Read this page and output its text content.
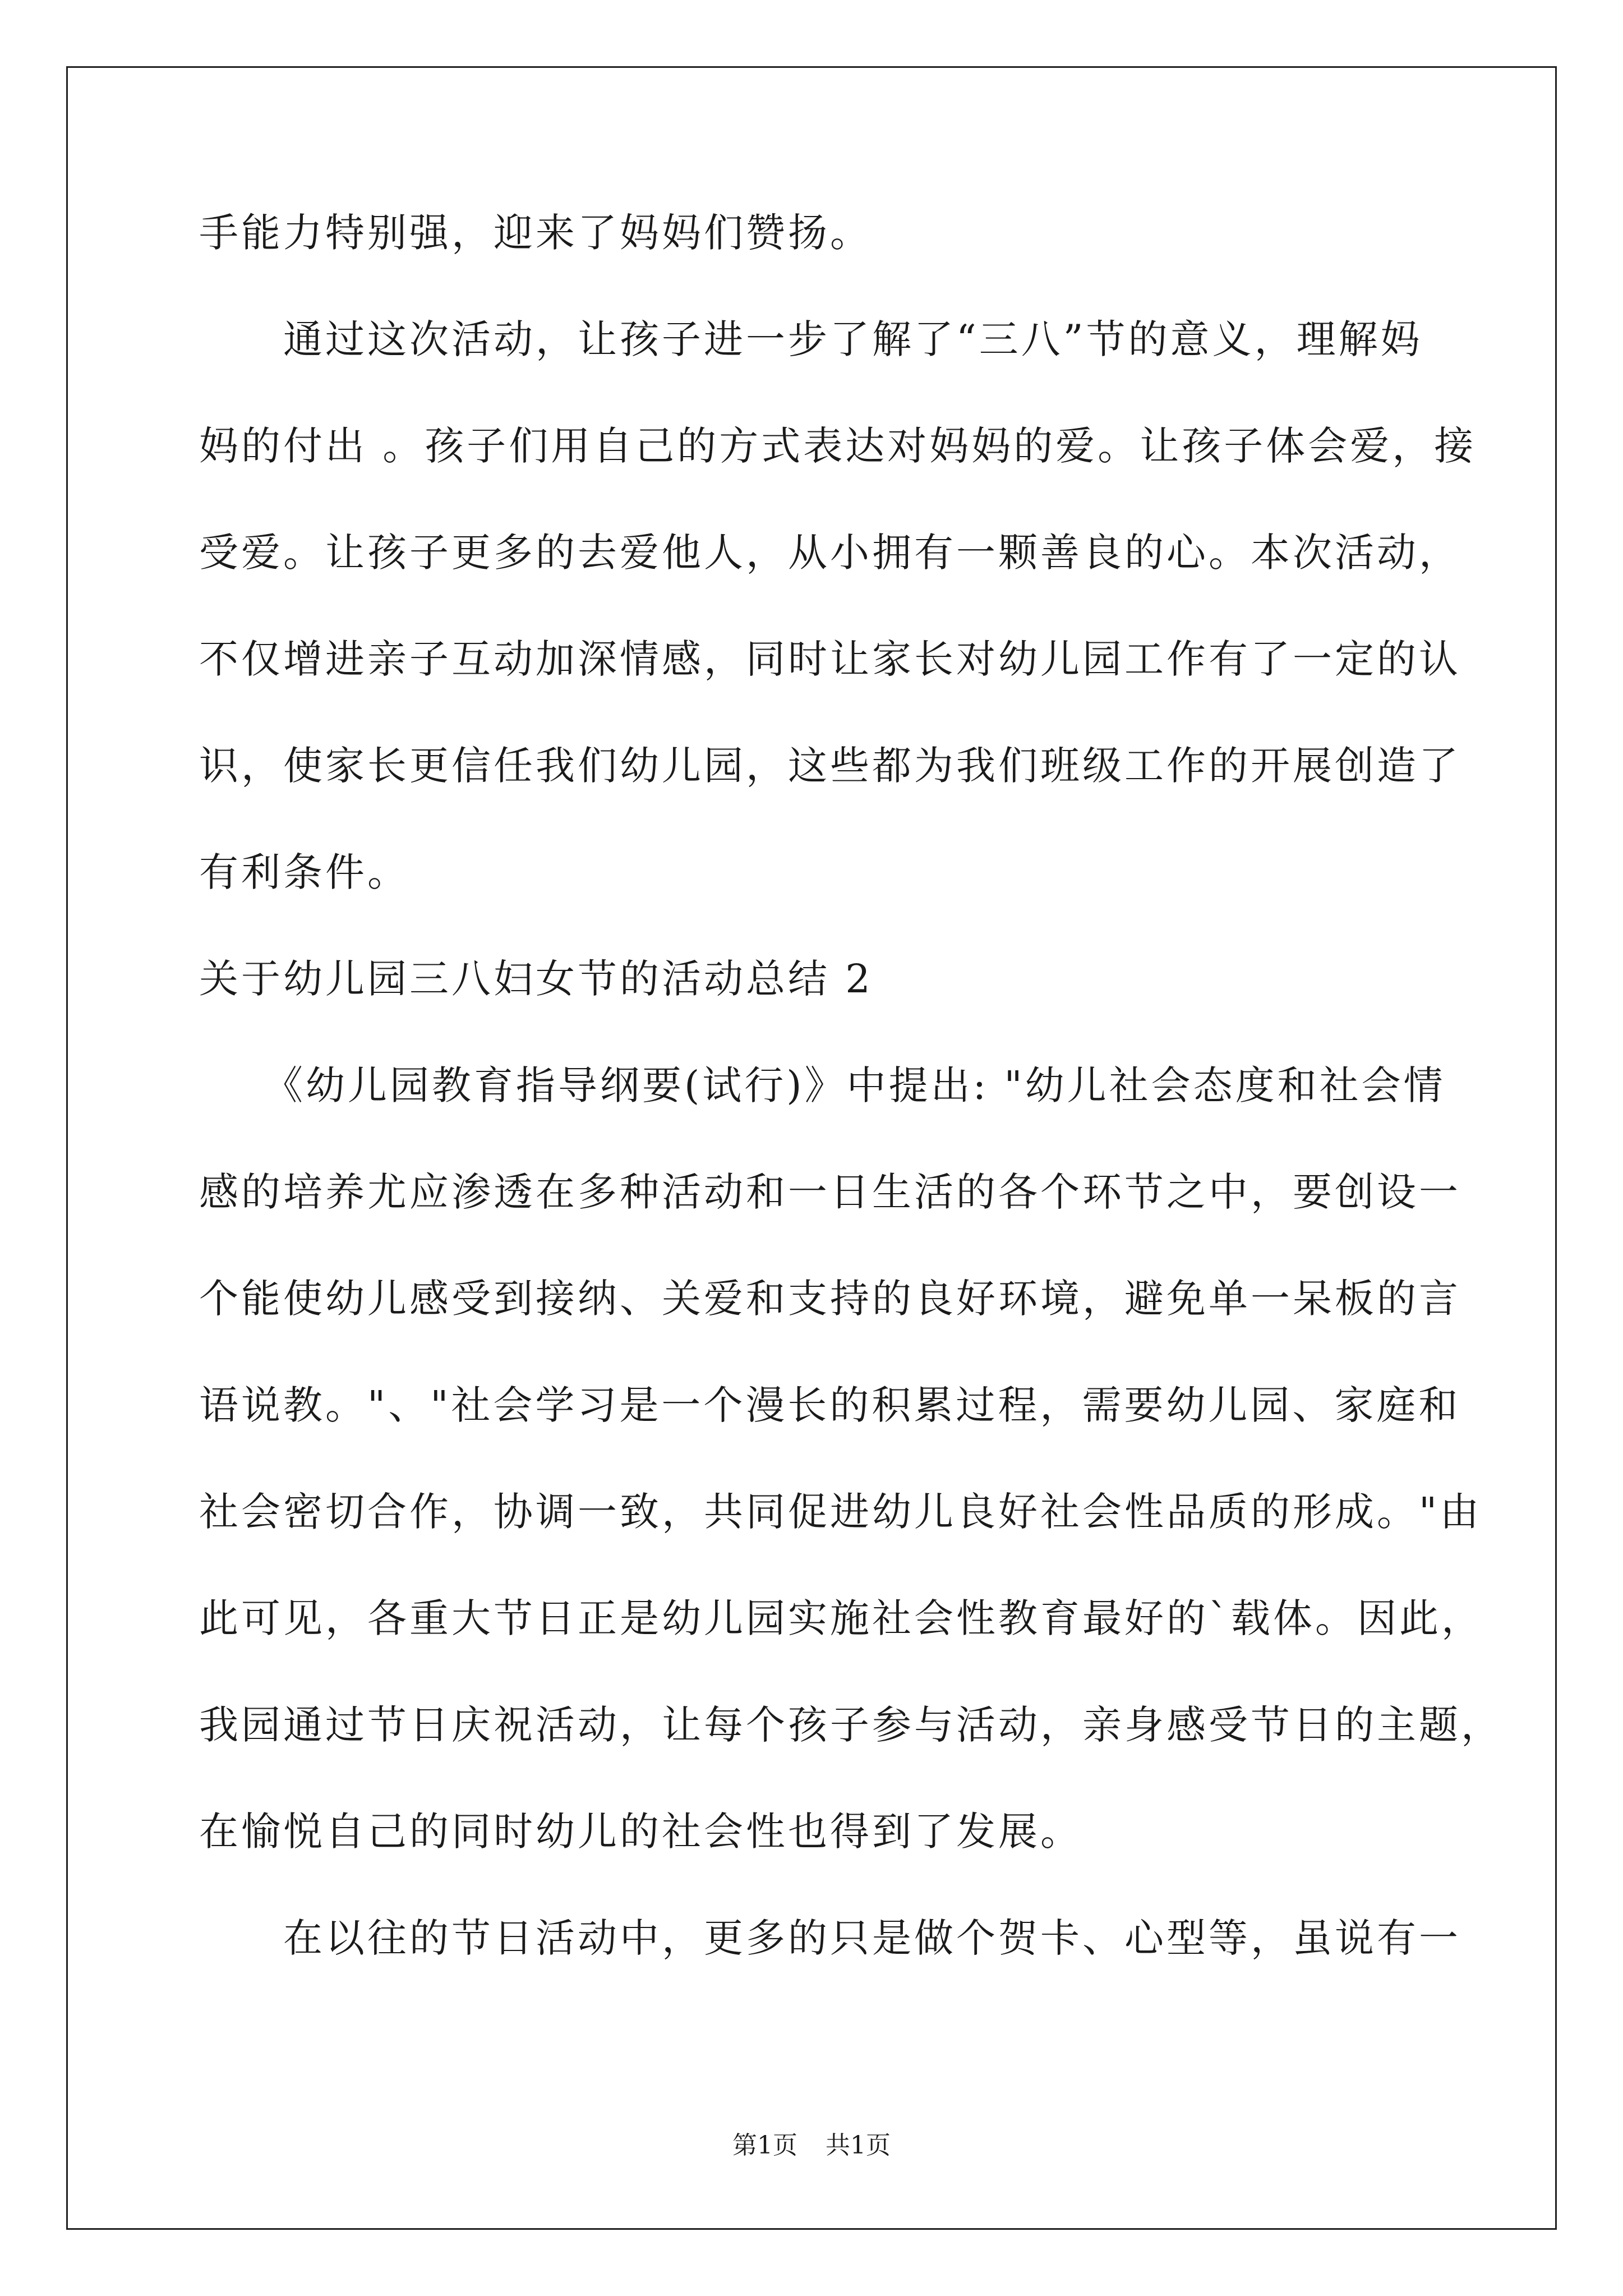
手能力特别强，迎来了妈妈们赞扬。
　　通过这次活动，让孩子进一步了解了“三八”节的意义，理解妈
妈的付出 。孩子们用自己的方式表达对妈妈的爱。让孩子体会爱，接
受爱。让孩子更多的去爱他人，从小拥有一颗善良的心。本次活动，
不仅增进亲子互动加深情感，同时让家长对幼儿园工作有了一定的认
识，使家长更信任我们幼儿园，这些都为我们班级工作的开展创造了
有利条件。
关于幼儿园三八妇女节的活动总结 2
　　《幼儿园教育指导纲要(试行)》中提出: "幼儿社会态度和社会情
感的培养尤应渗透在多种活动和一日生活的各个环节之中，要创设一
个能使幼儿感受到接纳、关爱和支持的良好环境，避免单一呆板的言
语说教。"、"社会学习是一个漫长的积累过程，需要幼儿园、家庭和
社会密切合作，协调一致，共同促进幼儿良好社会性品质的形成。"由
此可见，各重大节日正是幼儿园实施社会性教育最好的`载体。因此，
我园通过节日庆祝活动，让每个孩子参与活动，亲身感受节日的主题，
在愉悦自己的同时幼儿的社会性也得到了发展。
　　在以往的节日活动中，更多的只是做个贺卡、心型等，虽说有一
第1页 共1页
